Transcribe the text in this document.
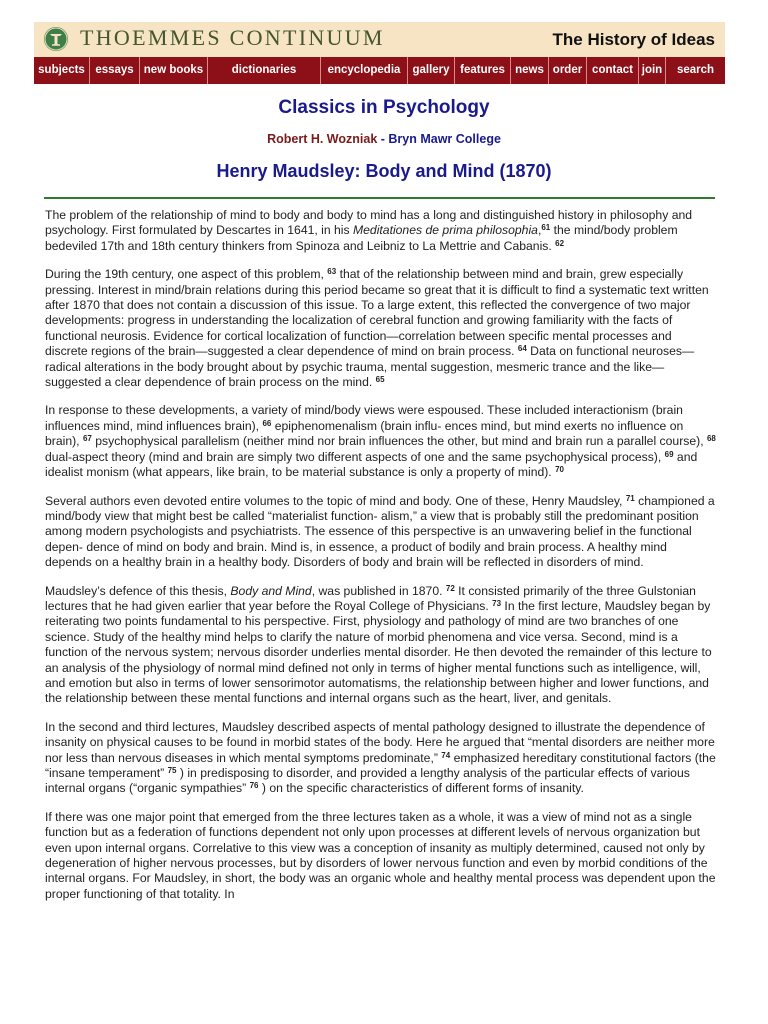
THOEMMES CONTINUUM	The History of Ideas
subjects essays new books	dictionaries	encyclopedia	gallery features news order contact join	search
Classics in Psychology
Robert H. Wozniak - Bryn Mawr College
Henry Maudsley: Body and Mind (1870)

The problem of the relationship of mind to body and body to mind has a long and distinguished history in philosophy and psychology. First formulated by Descartes in 1641, in his Meditationes de prima philosophia,$^{61}$ the mind/body problem bedeviled 17th and 18th century thinkers from Spinoza and Leibniz to La Mettrie and Cabanis. $^{62}$

During the 19th century, one aspect of this problem, $^{63}$ that of the relationship between mind and brain, grew especially pressing. Interest in mind/brain relations during this period became so great that it is difficult to find a systematic text written after 1870 that does not contain a discussion of this issue. To a large extent, this reflected the convergence of two major developments: progress in understanding the localization of cerebral function and growing familiarity with the facts of functional neurosis. Evidence for cortical localization of function—correlation between specific mental processes and discrete regions of the brain—suggested a clear dependence of mind on brain process. $^{64}$ Data on functional neuroses—radical alterations in the body brought about by psychic trauma, mental suggestion, mesmeric trance and the like— suggested a clear dependence of brain process on the mind. $^{65}$

In response to these developments, a variety of mind/body views were espoused. These included interactionism (brain influences mind, mind influences brain), $^{66}$ epiphenomenalism (brain influ- ences mind, but mind exerts no influence on brain), $^{67}$ psychophysical parallelism (neither mind nor brain influences the other, but mind and brain run a parallel course), $^{68}$ dual-aspect theory (mind and brain are simply two different aspects of one and the same psychophysical process), $^{69}$ and idealist monism (what appears, like brain, to be material substance is only a property of mind). $^{70}$

Several authors even devoted entire volumes to the topic of mind and body. One of these, Henry Maudsley, $^{71}$ championed a mind/body view that might best be called “materialist function- alism,” a view that is probably still the predominant position among modern psychologists and psychiatrists. The essence of this perspective is an unwavering belief in the functional depen- dence of mind on body and brain. Mind is, in essence, a product of bodily and brain process. A healthy mind depends on a healthy brain in a healthy body. Disorders of body and brain will be reflected in disorders of mind.

Maudsley’s defence of this thesis, Body and Mind, was published in 1870. $^{72}$ It consisted primarily of the three Gulstonian lectures that he had given earlier that year before the Royal College of Physicians. $^{73}$ In the first lecture, Maudsley began by reiterating two points fundamental to his perspective. First, physiology and pathology of mind are two branches of one science. Study of the healthy mind helps to clarify the nature of morbid phenomena and vice versa. Second, mind is a function of the nervous system; nervous disorder underlies mental disorder. He then devoted the remainder of this lecture to an analysis of the physiology of normal mind defined not only in terms of higher mental functions such as intelligence, will, and emotion but also in terms of lower sensorimotor automatisms, the relationship between higher and lower functions, and the relationship between these mental functions and internal organs such as the heart, liver, and genitals.

In the second and third lectures, Maudsley described aspects of mental pathology designed to illustrate the dependence of insanity on physical causes to be found in morbid states of the body. Here he argued that “mental disorders are neither more nor less than nervous diseases in which mental symptoms predominate,” $^{74}$ emphasized hereditary constitutional factors (the “insane temperament” $^{75}$ ) in predisposing to disorder, and provided a lengthy analysis of the particular effects of various internal organs (“organic sympathies” $^{76}$ ) on the specific characteristics of different forms of insanity.

If there was one major point that emerged from the three lectures taken as a whole, it was a view of mind not as a single function but as a federation of functions dependent not only upon processes at different levels of nervous organization but even upon internal organs. Correlative to this view was a conception of insanity as multiply determined, caused not only by degeneration of higher nervous processes, but by disorders of lower nervous function and even by morbid conditions of the internal organs. For Maudsley, in short, the body was an organic whole and healthy mental process was dependent upon the proper functioning of that totality. In
